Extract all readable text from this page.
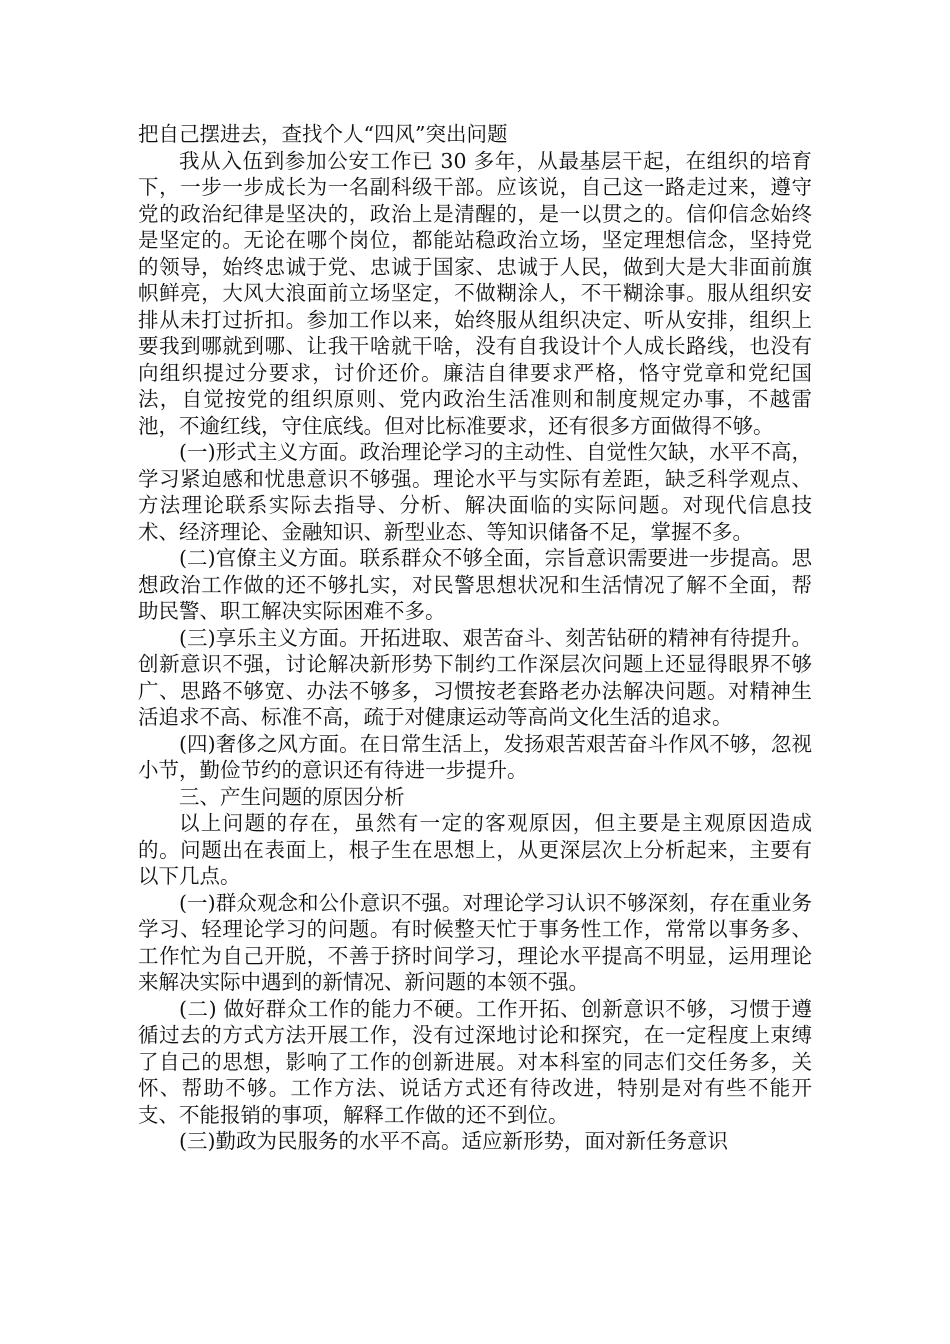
把自己摆进去，查找个人“四风”突出问题

我从入伍到参加公安工作已 30 多年，从最基层干起，在组织的培育下，一步一步成长为一名副科级干部。应该说，自己这一路走过来，遵守党的政治纪律是坚决的，政治上是清醒的，是一以贯之的。信仰信念始终是坚定的。无论在哪个岗位，都能站稳政治立场，坚定理想信念，坚持党的领导，始终忠诚于党、忠诚于国家、忠诚于人民，做到大是大非面前旗帜鲜亮，大风大浪面前立场坚定，不做糊涂人，不干糊涂事。服从组织安排从未打过折扣。参加工作以来，始终服从组织决定、听从安排，组织上要我到哪就到哪、让我干啥就干啥，没有自我设计个人成长路线，也没有向组织提过分要求，讨价还价。廉洁自律要求严格，恪守党章和党纪国法，自觉按党的组织原则、党内政治生活准则和制度规定办事，不越雷池，不逾红线，守住底线。但对比标准要求，还有很多方面做得不够。

(一)形式主义方面。政治理论学习的主动性、自觉性欠缺，水平不高，学习紧迫感和忧患意识不够强。理论水平与实际有差距，缺乏科学观点、方法理论联系实际去指导、分析、解决面临的实际问题。对现代信息技术、经济理论、金融知识、新型业态、等知识储备不足，掌握不多。

(二)官僚主义方面。联系群众不够全面，宗旨意识需要进一步提高。思想政治工作做的还不够扎实，对民警思想状况和生活情况了解不全面，帮助民警、职工解决实际困难不多。

(三)享乐主义方面。开拓进取、艰苦奋斗、刻苦钻研的精神有待提升。创新意识不强，讨论解决新形势下制约工作深层次问题上还显得眼界不够广、思路不够宽、办法不够多，习惯按老套路老办法解决问题。对精神生活追求不高、标准不高，疏于对健康运动等高尚文化生活的追求。

(四)奢侈之风方面。在日常生活上，发扬艰苦艰苦奋斗作风不够，忽视小节，勤俭节约的意识还有待进一步提升。

三、产生问题的原因分析

以上问题的存在，虽然有一定的客观原因，但主要是主观原因造成的。问题出在表面上，根子生在思想上，从更深层次上分析起来，主要有以下几点。

(一)群众观念和公仆意识不强。对理论学习认识不够深刻，存在重业务学习、轻理论学习的问题。有时候整天忙于事务性工作，常常以事务多、工作忙为自己开脱，不善于挤时间学习，理论水平提高不明显，运用理论来解决实际中遇到的新情况、新问题的本领不强。

(二) 做好群众工作的能力不硬。工作开拓、创新意识不够，习惯于遵循过去的方式方法开展工作，没有过深地讨论和探究，在一定程度上束缚了自己的思想，影响了工作的创新进展。对本科室的同志们交任务多，关怀、帮助不够。工作方法、说话方式还有待改进，特别是对有些不能开支、不能报销的事项，解释工作做的还不到位。

(三)勤政为民服务的水平不高。适应新形势，面对新任务意识
